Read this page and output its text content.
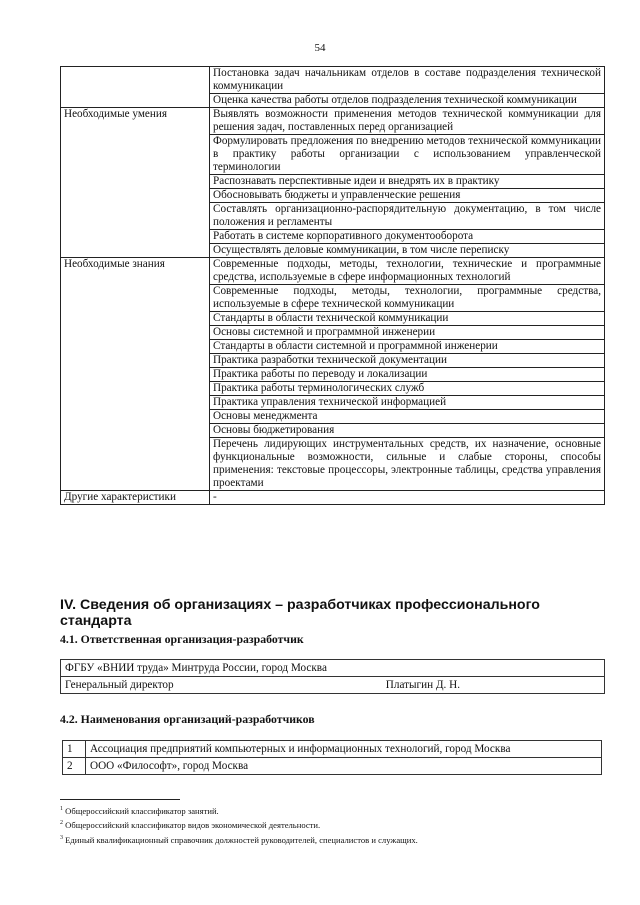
54
	Постановка задач начальникам отделов в составе подразделения технической коммуникации
	Оценка качества работы отделов подразделения технической коммуникации
Необходимые умения	Выявлять возможности применения методов технической коммуникации для решения задач, поставленных перед организацией
	Формулировать предложения по внедрению методов технической коммуникации в практику работы организации с использованием управленческой терминологии
	Распознавать перспективные идеи и внедрять их в практику
	Обосновывать бюджеты и управленческие решения
	Составлять организационно-распорядительную документацию, в том числе положения и регламенты
	Работать в системе корпоративного документооборота
	Осуществлять деловые коммуникации, в том числе переписку
Необходимые знания	Современные подходы, методы, технологии, технические и программные средства, используемые в сфере информационных технологий
	Современные подходы, методы, технологии, программные средства, используемые в сфере технической коммуникации
	Стандарты в области технической коммуникации
	Основы системной и программной инженерии
	Стандарты в области системной и программной инженерии
	Практика разработки технической документации
	Практика работы по переводу и локализации
	Практика работы терминологических служб
	Практика управления технической информацией
	Основы менеджмента
	Основы бюджетирования
	Перечень лидирующих инструментальных средств, их назначение, основные функциональные возможности, сильные и слабые стороны, способы применения: текстовые процессоры, электронные таблицы, средства управления проектами
Другие характеристики	-
IV. Сведения об организациях – разработчиках профессионального стандарта
4.1. Ответственная организация-разработчик
ФГБУ «ВНИИ труда» Минтруда России, город Москва
Генеральный директор	Платыгин Д. Н.
4.2. Наименования организаций-разработчиков
1	Ассоциация предприятий компьютерных и информационных технологий, город Москва
2	ООО «Философт», город Москва
$^1$ Общероссийский классификатор занятий.
$^2$ Общероссийский классификатор видов экономической деятельности.
$^3$ Единый квалификационный справочник должностей руководителей, специалистов и служащих.
